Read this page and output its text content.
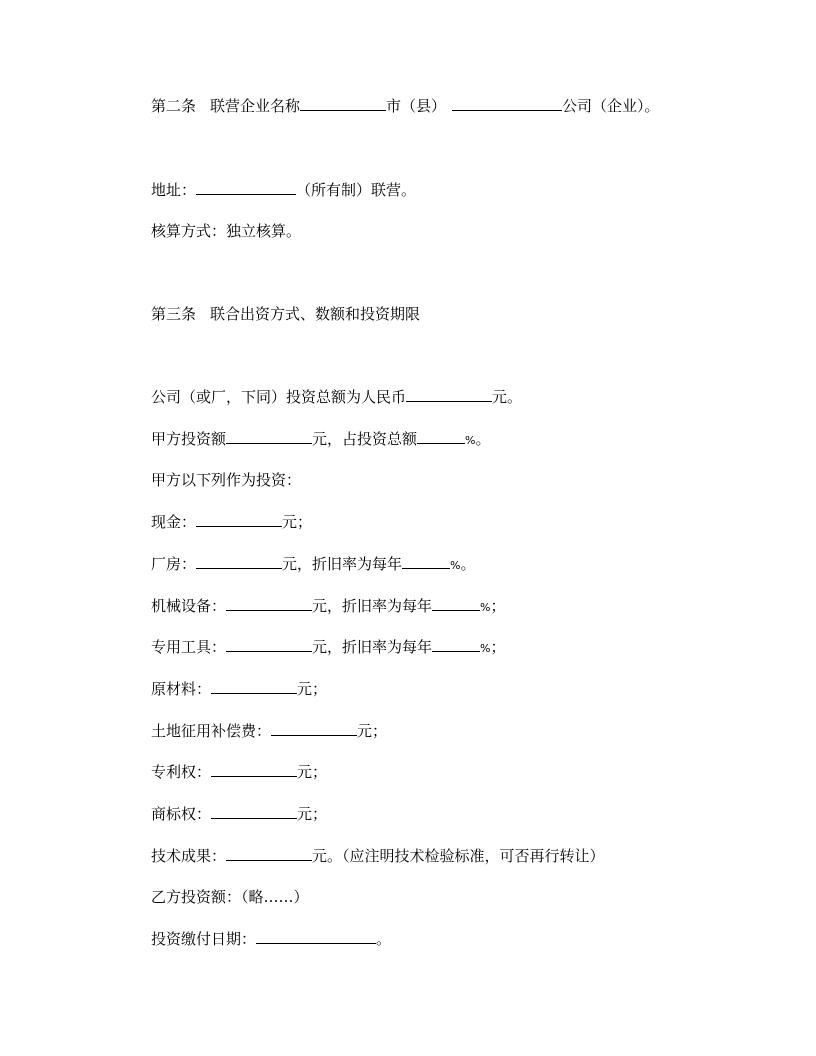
第二条 联营企业名称	市（县）	公司（企业）。
地址：	（所有制）联营。
核算方式：独立核算。
第三条 联合出资方式、数额和投资期限
公司（或厂，下同）投资总额为人民币	元。
甲方投资额	元，占投资总额	%。
甲方以下列作为投资：
现金：	元；
厂房：	元，折旧率为每年	%。
机械设备：	元，折旧率为每年	%；
专用工具：	元，折旧率为每年	%；
原材料：	元；
土地征用补偿费：	元；
专利权：	元；
商标权：	元；
技术成果：	元。（应注明技术检验标准，可否再行转让）
乙方投资额：（略……）
投资缴付日期：	。
